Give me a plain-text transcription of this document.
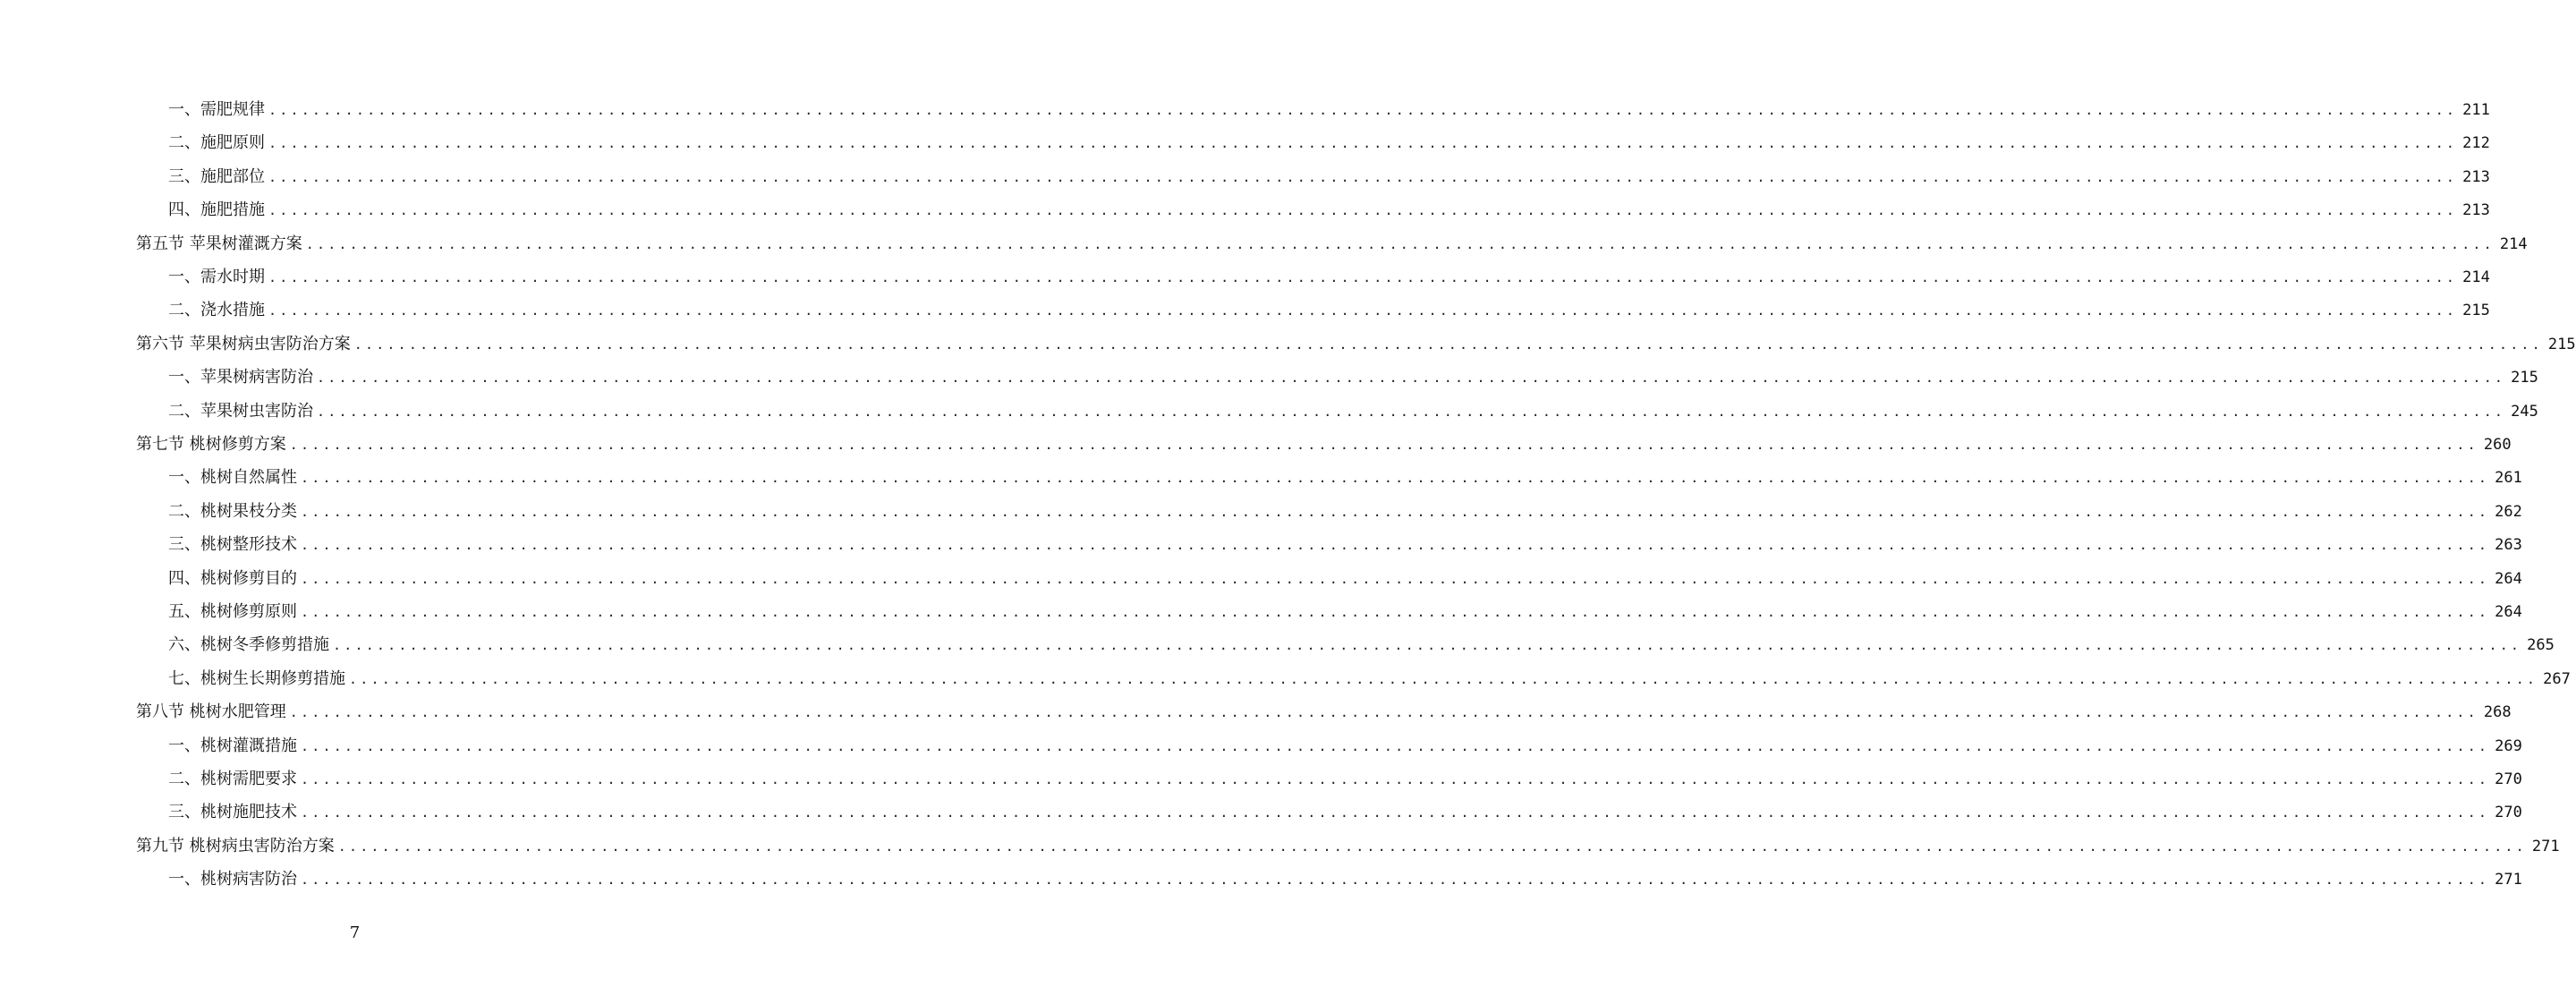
一、需肥规律 ........................................................................................................................................................................................................ 211
二、施肥原则 ........................................................................................................................................................................................................ 212
三、施肥部位 ........................................................................................................................................................................................................ 213
四、施肥措施 ........................................................................................................................................................................................................ 213
第五节 苹果树灌溉方案 ........................................................................................................................................................................................................ 214
一、需水时期 ........................................................................................................................................................................................................ 214
二、浇水措施 ........................................................................................................................................................................................................ 215
第六节 苹果树病虫害防治方案 ........................................................................................................................................................................................................ 215
一、苹果树病害防治 ........................................................................................................................................................................................................ 215
二、苹果树虫害防治 ........................................................................................................................................................................................................ 245
第七节 桃树修剪方案 ........................................................................................................................................................................................................ 260
一、桃树自然属性 ........................................................................................................................................................................................................ 261
二、桃树果枝分类 ........................................................................................................................................................................................................ 262
三、桃树整形技术 ........................................................................................................................................................................................................ 263
四、桃树修剪目的 ........................................................................................................................................................................................................ 264
五、桃树修剪原则 ........................................................................................................................................................................................................ 264
六、桃树冬季修剪措施 ........................................................................................................................................................................................................ 265
七、桃树生长期修剪措施 ........................................................................................................................................................................................................ 267
第八节 桃树水肥管理 ........................................................................................................................................................................................................ 268
一、桃树灌溉措施 ........................................................................................................................................................................................................ 269
二、桃树需肥要求 ........................................................................................................................................................................................................ 270
三、桃树施肥技术 ........................................................................................................................................................................................................ 270
第九节 桃树病虫害防治方案 ........................................................................................................................................................................................................ 271
一、桃树病害防治 ........................................................................................................................................................................................................ 271
7
